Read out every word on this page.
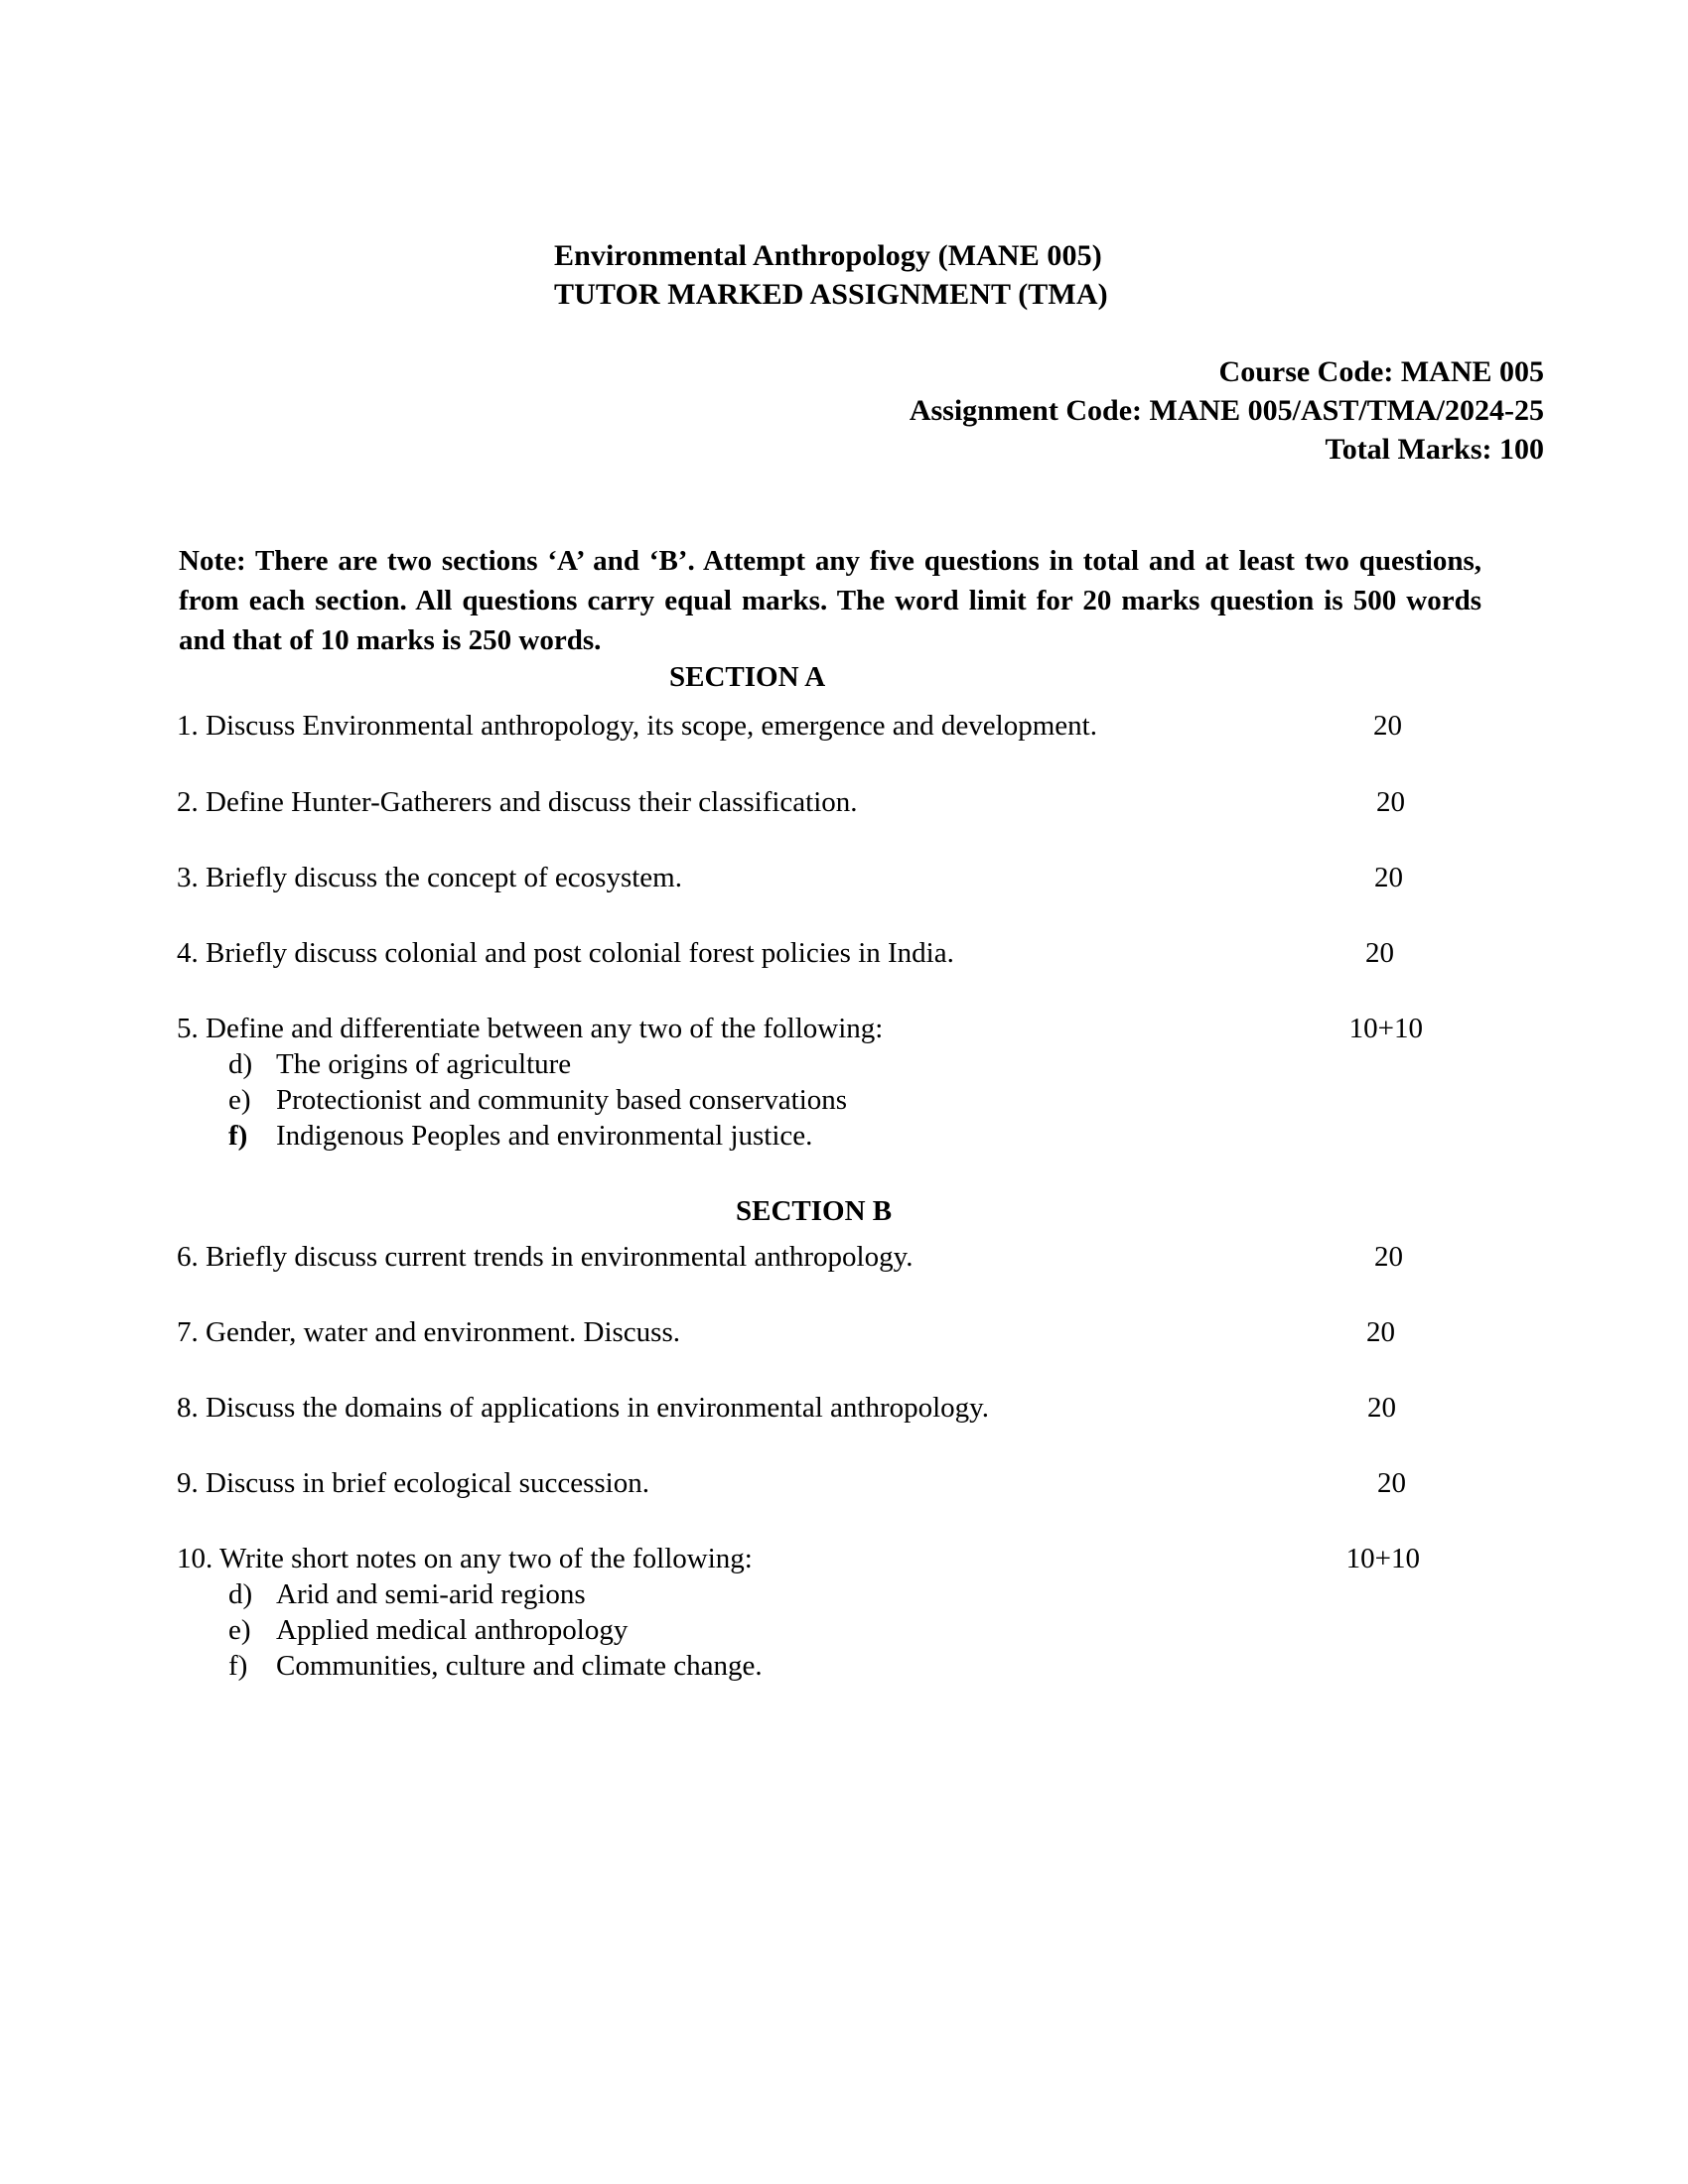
Environmental Anthropology (MANE 005)
TUTOR MARKED ASSIGNMENT (TMA)
Course Code: MANE 005
Assignment Code: MANE 005/AST/TMA/2024-25
Total Marks: 100
Note: There are two sections ‘A’ and ‘B’. Attempt any five questions in total and at least two questions, from each section. All questions carry equal marks. The word limit for 20 marks question is 500 words and that of 10 marks is 250 words.
SECTION A
SECTION B
1. Discuss Environmental anthropology, its scope, emergence and development.	20
2. Define Hunter-Gatherers and discuss their classification.	20
3. Briefly discuss the concept of ecosystem.	20
4. Briefly discuss colonial and post colonial forest policies in India.	20
5. Define and differentiate between any two of the following:	10+10
d) The origins of agriculture
e) Protectionist and community based conservations
f) Indigenous Peoples and environmental justice.
6. Briefly discuss current trends in environmental anthropology.	20
7. Gender, water and environment. Discuss.	20
8. Discuss the domains of applications in environmental anthropology.	20
9. Discuss in brief ecological succession.	20
10. Write short notes on any two of the following:	10+10
d) Arid and semi-arid regions
e) Applied medical anthropology
f) Communities, culture and climate change.
